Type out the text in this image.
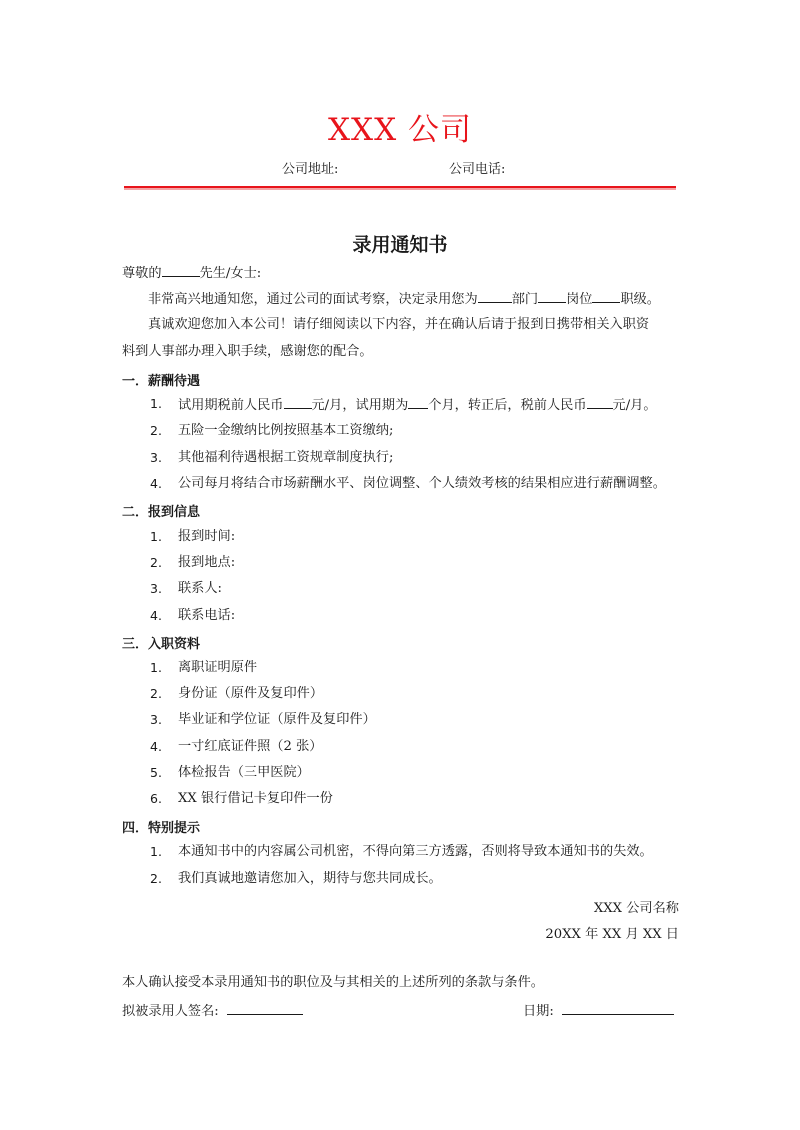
XXX 公司
公司地址:	公司电话:
录用通知书
尊敬的	先生/女士:
非常高兴地通知您，通过公司的面试考察，决定录用您为	部门 岗位 职级。
真诚欢迎您加入本公司！请仔细阅读以下内容，并在确认后请于报到日携带相关入职资
料到人事部办理入职手续，感谢您的配合。
一．薪酬待遇
1.	试用期税前人民币 元/月，试用期为 个月，转正后，税前人民币 元/月。
2.	五险一金缴纳比例按照基本工资缴纳;
3.	其他福利待遇根据工资规章制度执行;
4.	公司每月将结合市场薪酬水平、岗位调整、个人绩效考核的结果相应进行薪酬调整。
二．报到信息
1.	报到时间:
2.	报到地点:
3.	联系人:
4.	联系电话:
三．入职资料
1.	离职证明原件
2.	身份证（原件及复印件）
3.	毕业证和学位证（原件及复印件）
4.	一寸红底证件照（2 张）
5.	体检报告（三甲医院）
6.	XX 银行借记卡复印件一份
四．特别提示
1.	本通知书中的内容属公司机密，不得向第三方透露，否则将导致本通知书的失效。
2.	我们真诚地邀请您加入，期待与您共同成长。
XXX 公司名称
20XX 年 XX 月 XX 日
本人确认接受本录用通知书的职位及与其相关的上述所列的条款与条件。
拟被录用人签名:	日期:
